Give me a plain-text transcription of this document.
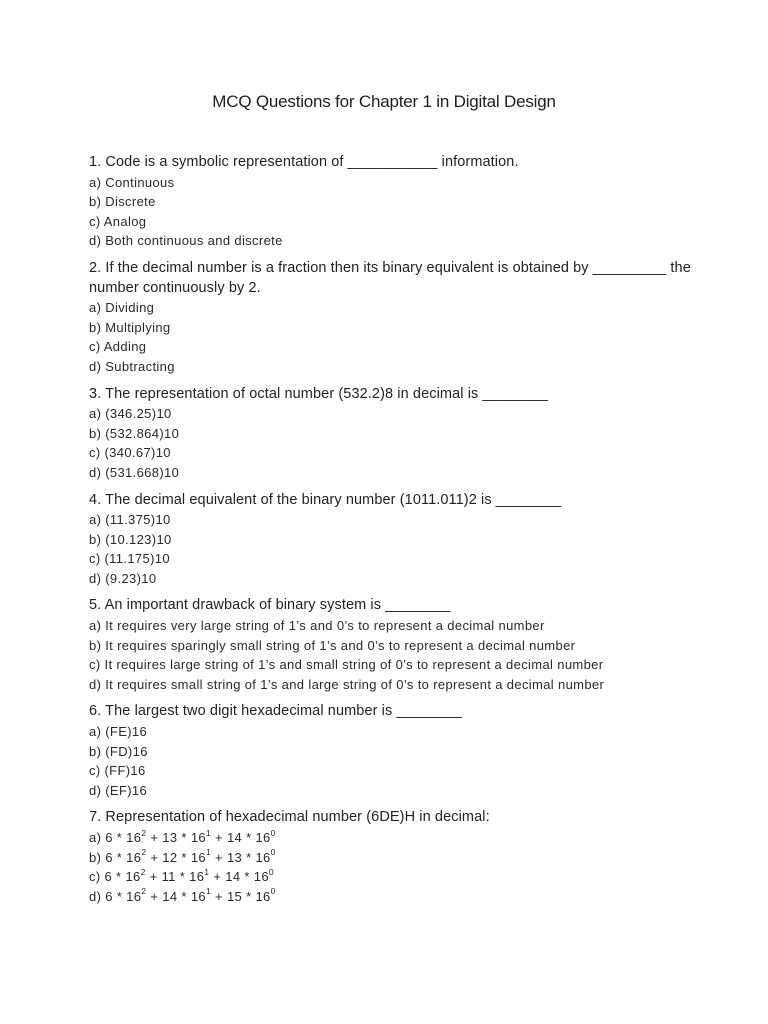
MCQ Questions for Chapter 1 in Digital Design
1. Code is a symbolic representation of ___________ information.
a) Continuous
b) Discrete
c) Analog
d) Both continuous and discrete
2. If the decimal number is a fraction then its binary equivalent is obtained by _________ the number continuously by 2.
a) Dividing
b) Multiplying
c) Adding
d) Subtracting
3. The representation of octal number (532.2)8 in decimal is ________
a) (346.25)10
b) (532.864)10
c) (340.67)10
d) (531.668)10
4. The decimal equivalent of the binary number (1011.011)2 is ________
a) (11.375)10
b) (10.123)10
c) (11.175)10
d) (9.23)10
5. An important drawback of binary system is ________
a) It requires very large string of 1’s and 0’s to represent a decimal number
b) It requires sparingly small string of 1’s and 0’s to represent a decimal number
c) It requires large string of 1’s and small string of 0’s to represent a decimal number
d) It requires small string of 1’s and large string of 0’s to represent a decimal number
6. The largest two digit hexadecimal number is ________
a) (FE)16
b) (FD)16
c) (FF)16
d) (EF)16
7. Representation of hexadecimal number (6DE)H in decimal:
a) $6 * 16^2 + 13 * 16^1 + 14 * 16^0$
b) $6 * 16^2 + 12 * 16^1 + 13 * 16^0$
c) $6 * 16^2 + 11 * 16^1 + 14 * 16^0$
d) $6 * 16^2 + 14 * 16^1 + 15 * 16^0$
